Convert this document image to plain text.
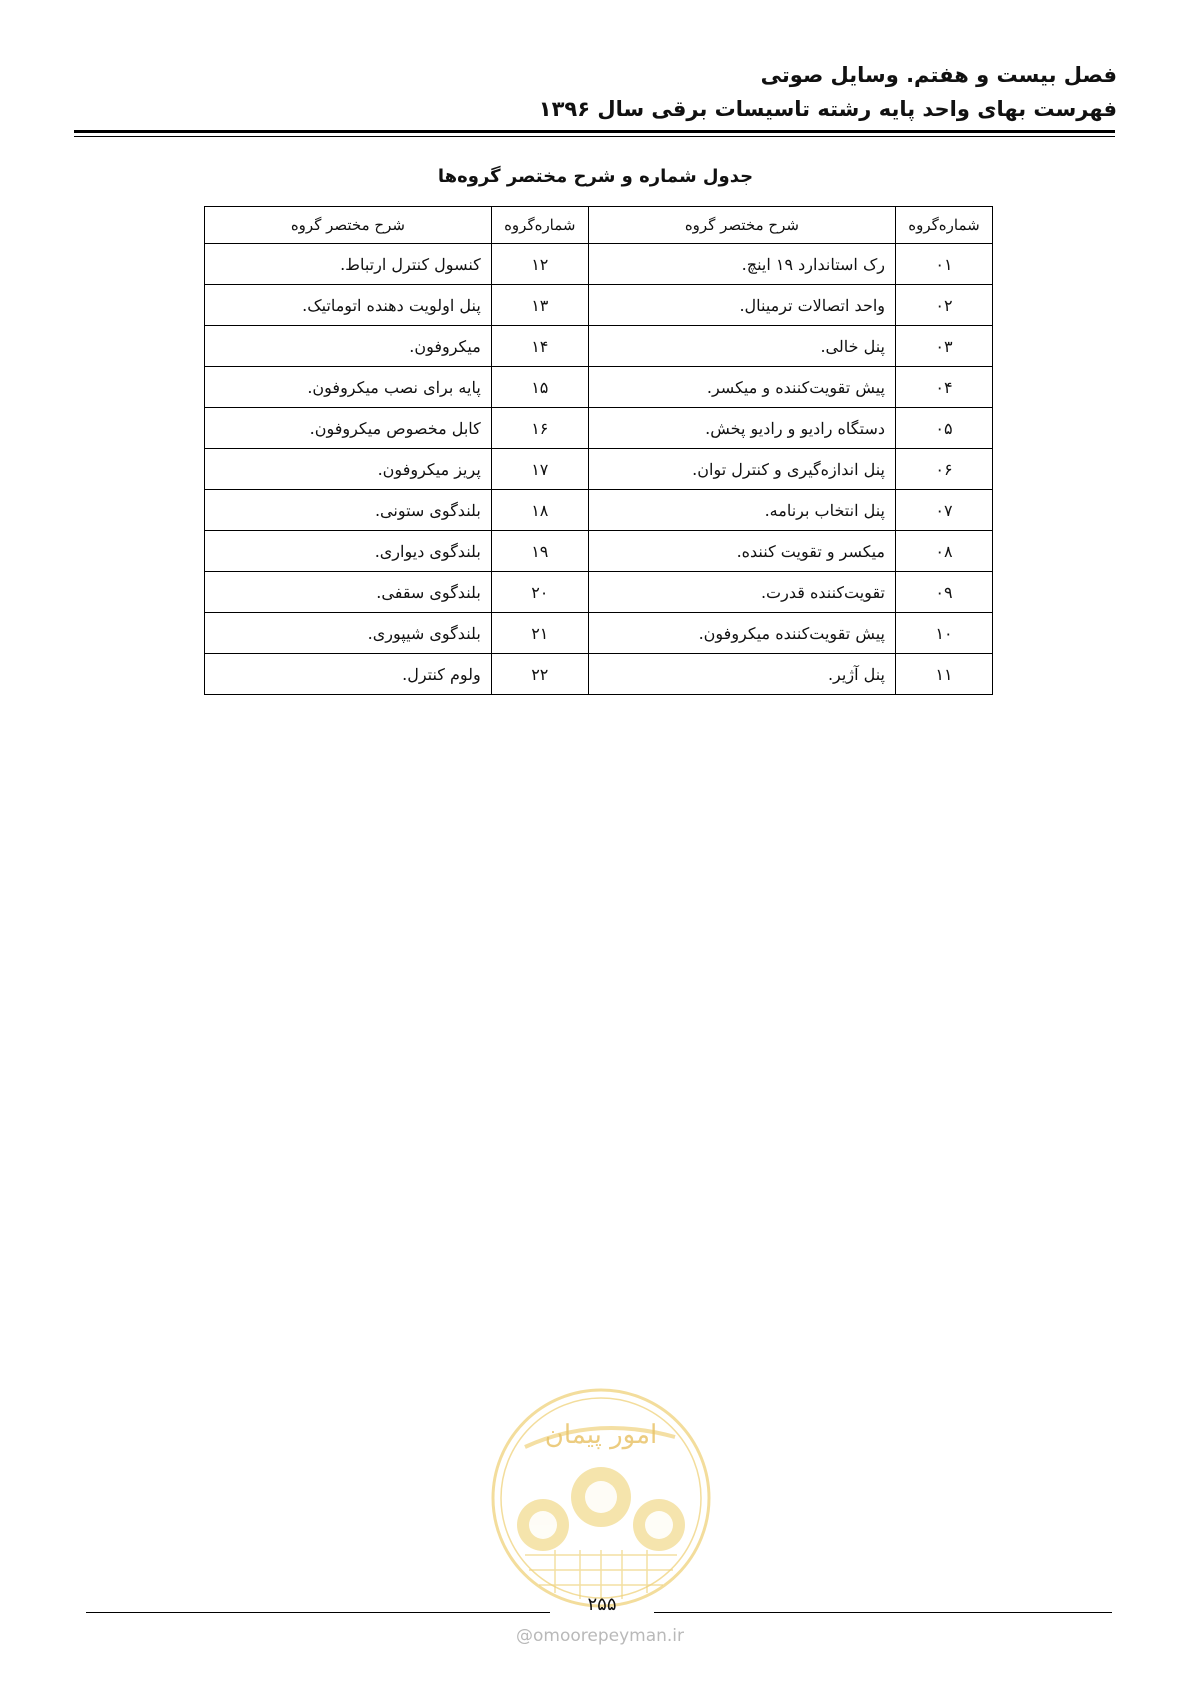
فصل بیست و هفتم. وسایل صوتی
فهرست بهای واحد پایه رشته تاسیسات برقی سال ۱۳۹۶
جدول شماره و شرح مختصر گروه‌ها
شماره‌گروه	شرح مختصر گروه	شماره‌گروه	شرح مختصر گروه
۰۱	رک استاندارد ۱۹ اینچ.	۱۲	کنسول کنترل ارتباط.
۰۲	واحد اتصالات ترمینال.	۱۳	پنل اولویت دهنده اتوماتیک.
۰۳	پنل خالی.	۱۴	میکروفون.
۰۴	پیش تقویت‌کننده و میکسر.	۱۵	پایه برای نصب میکروفون.
۰۵	دستگاه رادیو و رادیو پخش.	۱۶	کابل مخصوص میکروفون.
۰۶	پنل اندازه‌گیری و کنترل توان.	۱۷	پریز میکروفون.
۰۷	پنل انتخاب برنامه.	۱۸	بلندگوی ستونی.
۰۸	میکسر و تقویت کننده.	۱۹	بلندگوی دیواری.
۰۹	تقویت‌کننده قدرت.	۲۰	بلندگوی سقفی.
۱۰	پیش تقویت‌کننده میکروفون.	۲۱	بلندگوی شیپوری.
۱۱	پنل آژیر.	۲۲	ولوم کنترل.
امور پیمان
۲۵۵
@omoorepeyman.ir
